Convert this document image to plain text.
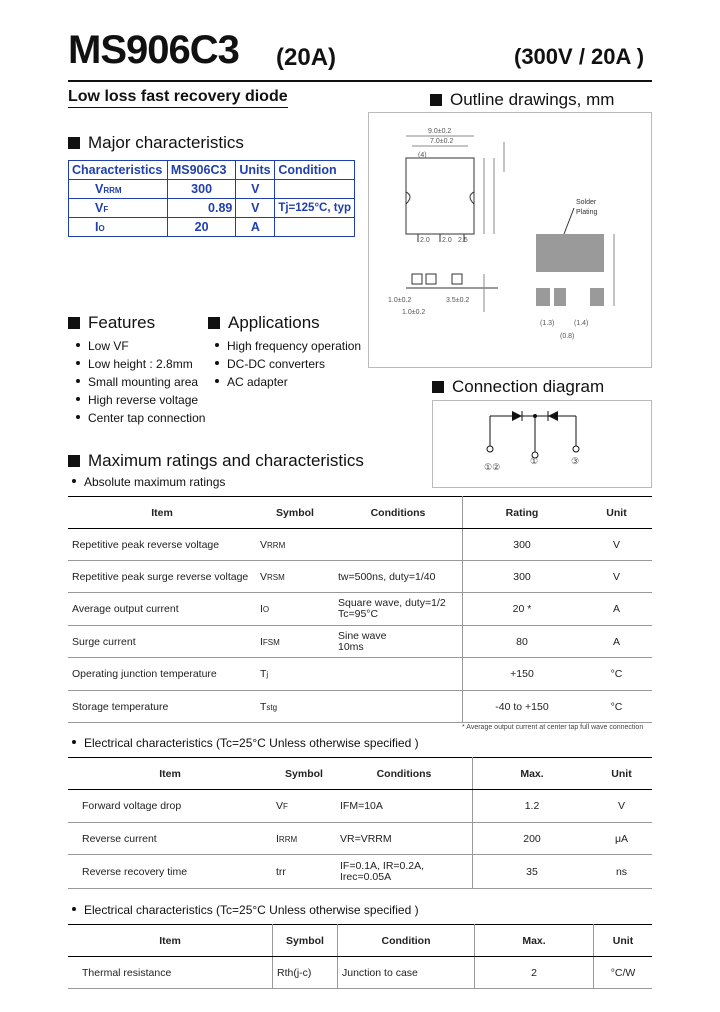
MS906C3 (20A)	(300V / 20A )
Low loss fast recovery diode	Outline drawings, mm
Major characteristics
Characteristics	MS906C3	Units	Condition
VRRM	300	V	
VF	0.89	V	Tj=125°C, typ
IO	20	A	
9.0±0.2
7.0±0.2
(4)
2.0 2.0 2.5
1.0±0.2
1.0±0.2
3.5±0.2
Solder
Plating
(1.3)	(1.4)
(0.8)
Features	Applications
Low VF
Low height : 2.8mm
Small mounting area
High reverse voltage
Center tap connection
High frequency operation
DC-DC converters
AC adapter	Connection diagram
①②
①	③
Maximum ratings and characteristics
Absolute maximum ratings
Item	Symbol	Conditions	Rating	Unit
Repetitive peak reverse voltage	VRRM		300	V
Repetitive peak surge reverse voltage	VRSM	tw=500ns, duty=1/40	300	V
Average output current	IO	Square wave, duty=1/2
Tc=95°C	20 *	A
Surge current	IFSM	Sine wave
10ms	80	A
Operating junction temperature	Tj		+150	°C
Storage temperature	Tstg		-40 to +150	°C
* Average output current at center tap full wave connection
Electrical characteristics (Tc=25°C Unless otherwise specified )
Item	Symbol	Conditions	Max.	Unit
Forward voltage drop	VF	IFM=10A	1.2	V
Reverse current	IRRM	VR=VRRM	200	μA
Reverse recovery time	trr	IF=0.1A, IR=0.2A,
Irec=0.05A	35	ns
Electrical characteristics (Tc=25°C Unless otherwise specified )
Item	Symbol	Condition	Max.	Unit
Thermal resistance	Rth(j-c)	Junction to case	2	°C/W
